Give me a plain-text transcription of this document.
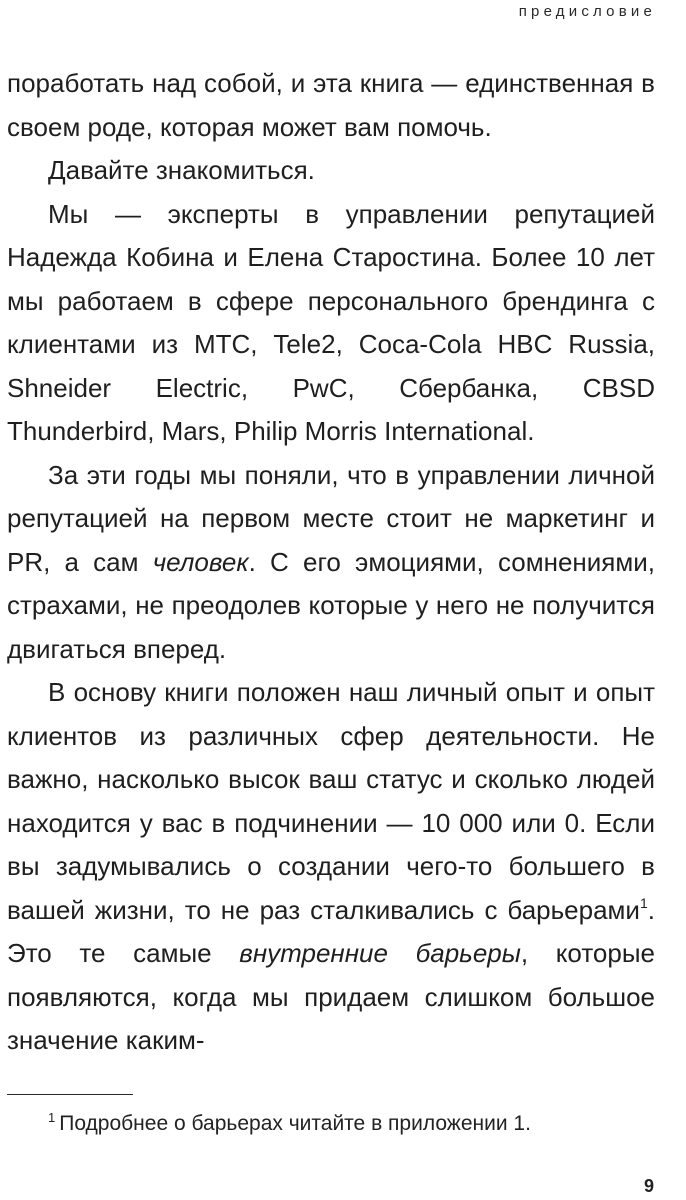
предисловие

поработать над собой, и эта книга — единственная в своем роде, которая может вам помочь.

Давайте знакомиться.

Мы — эксперты в управлении репутацией Надежда Кобина и Елена Старостина. Более 10 лет мы работаем в сфере персонального брендинга с клиентами из МТС, Tele2, Coca-Cola HBC Russia, Shneider Electric, PwC, Сбербанка, CBSD Thunderbird, Mars, Philip Morris International.

За эти годы мы поняли, что в управлении личной репутацией на первом месте стоит не маркетинг и PR, а сам человек. С его эмоциями, сомнениями, страхами, не преодолев которые у него не получится двигаться вперед.

В основу книги положен наш личный опыт и опыт клиентов из различных сфер деятельности. Не важно, насколько высок ваш статус и сколько людей находится у вас в подчинении — 10 000 или 0. Если вы задумывались о создании чего-то большего в вашей жизни, то не раз сталкивались с барьерами$^1$. Это те самые внутренние барьеры, которые появляются, когда мы придаем слишком большое значение каким-

$^1$ Подробнее о барьерах читайте в приложении 1.

9
